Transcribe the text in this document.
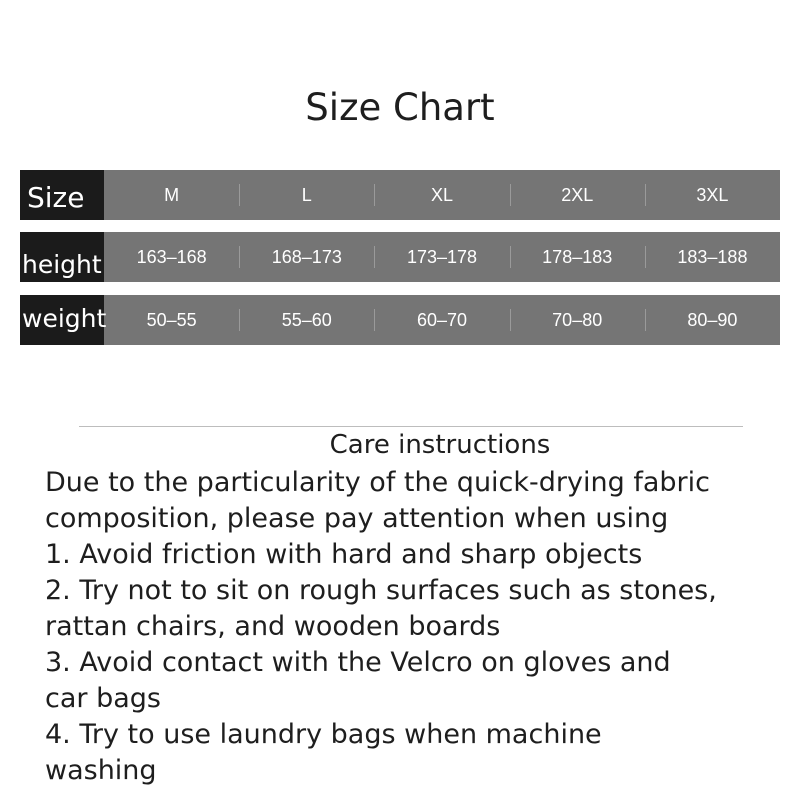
Size Chart
Size	M	L	XL	2XL	3XL
height	163–168	168–173	173–178	178–183	183–188
weight	50–55	55–60	60–70	70–80	80–90
Care instructions
Due to the particularity of the quick-drying fabric
composition, please pay attention when using
1. Avoid friction with hard and sharp objects
2. Try not to sit on rough surfaces such as stones,
rattan chairs, and wooden boards
3. Avoid contact with the Velcro on gloves and
car bags
4. Try to use laundry bags when machine
washing
